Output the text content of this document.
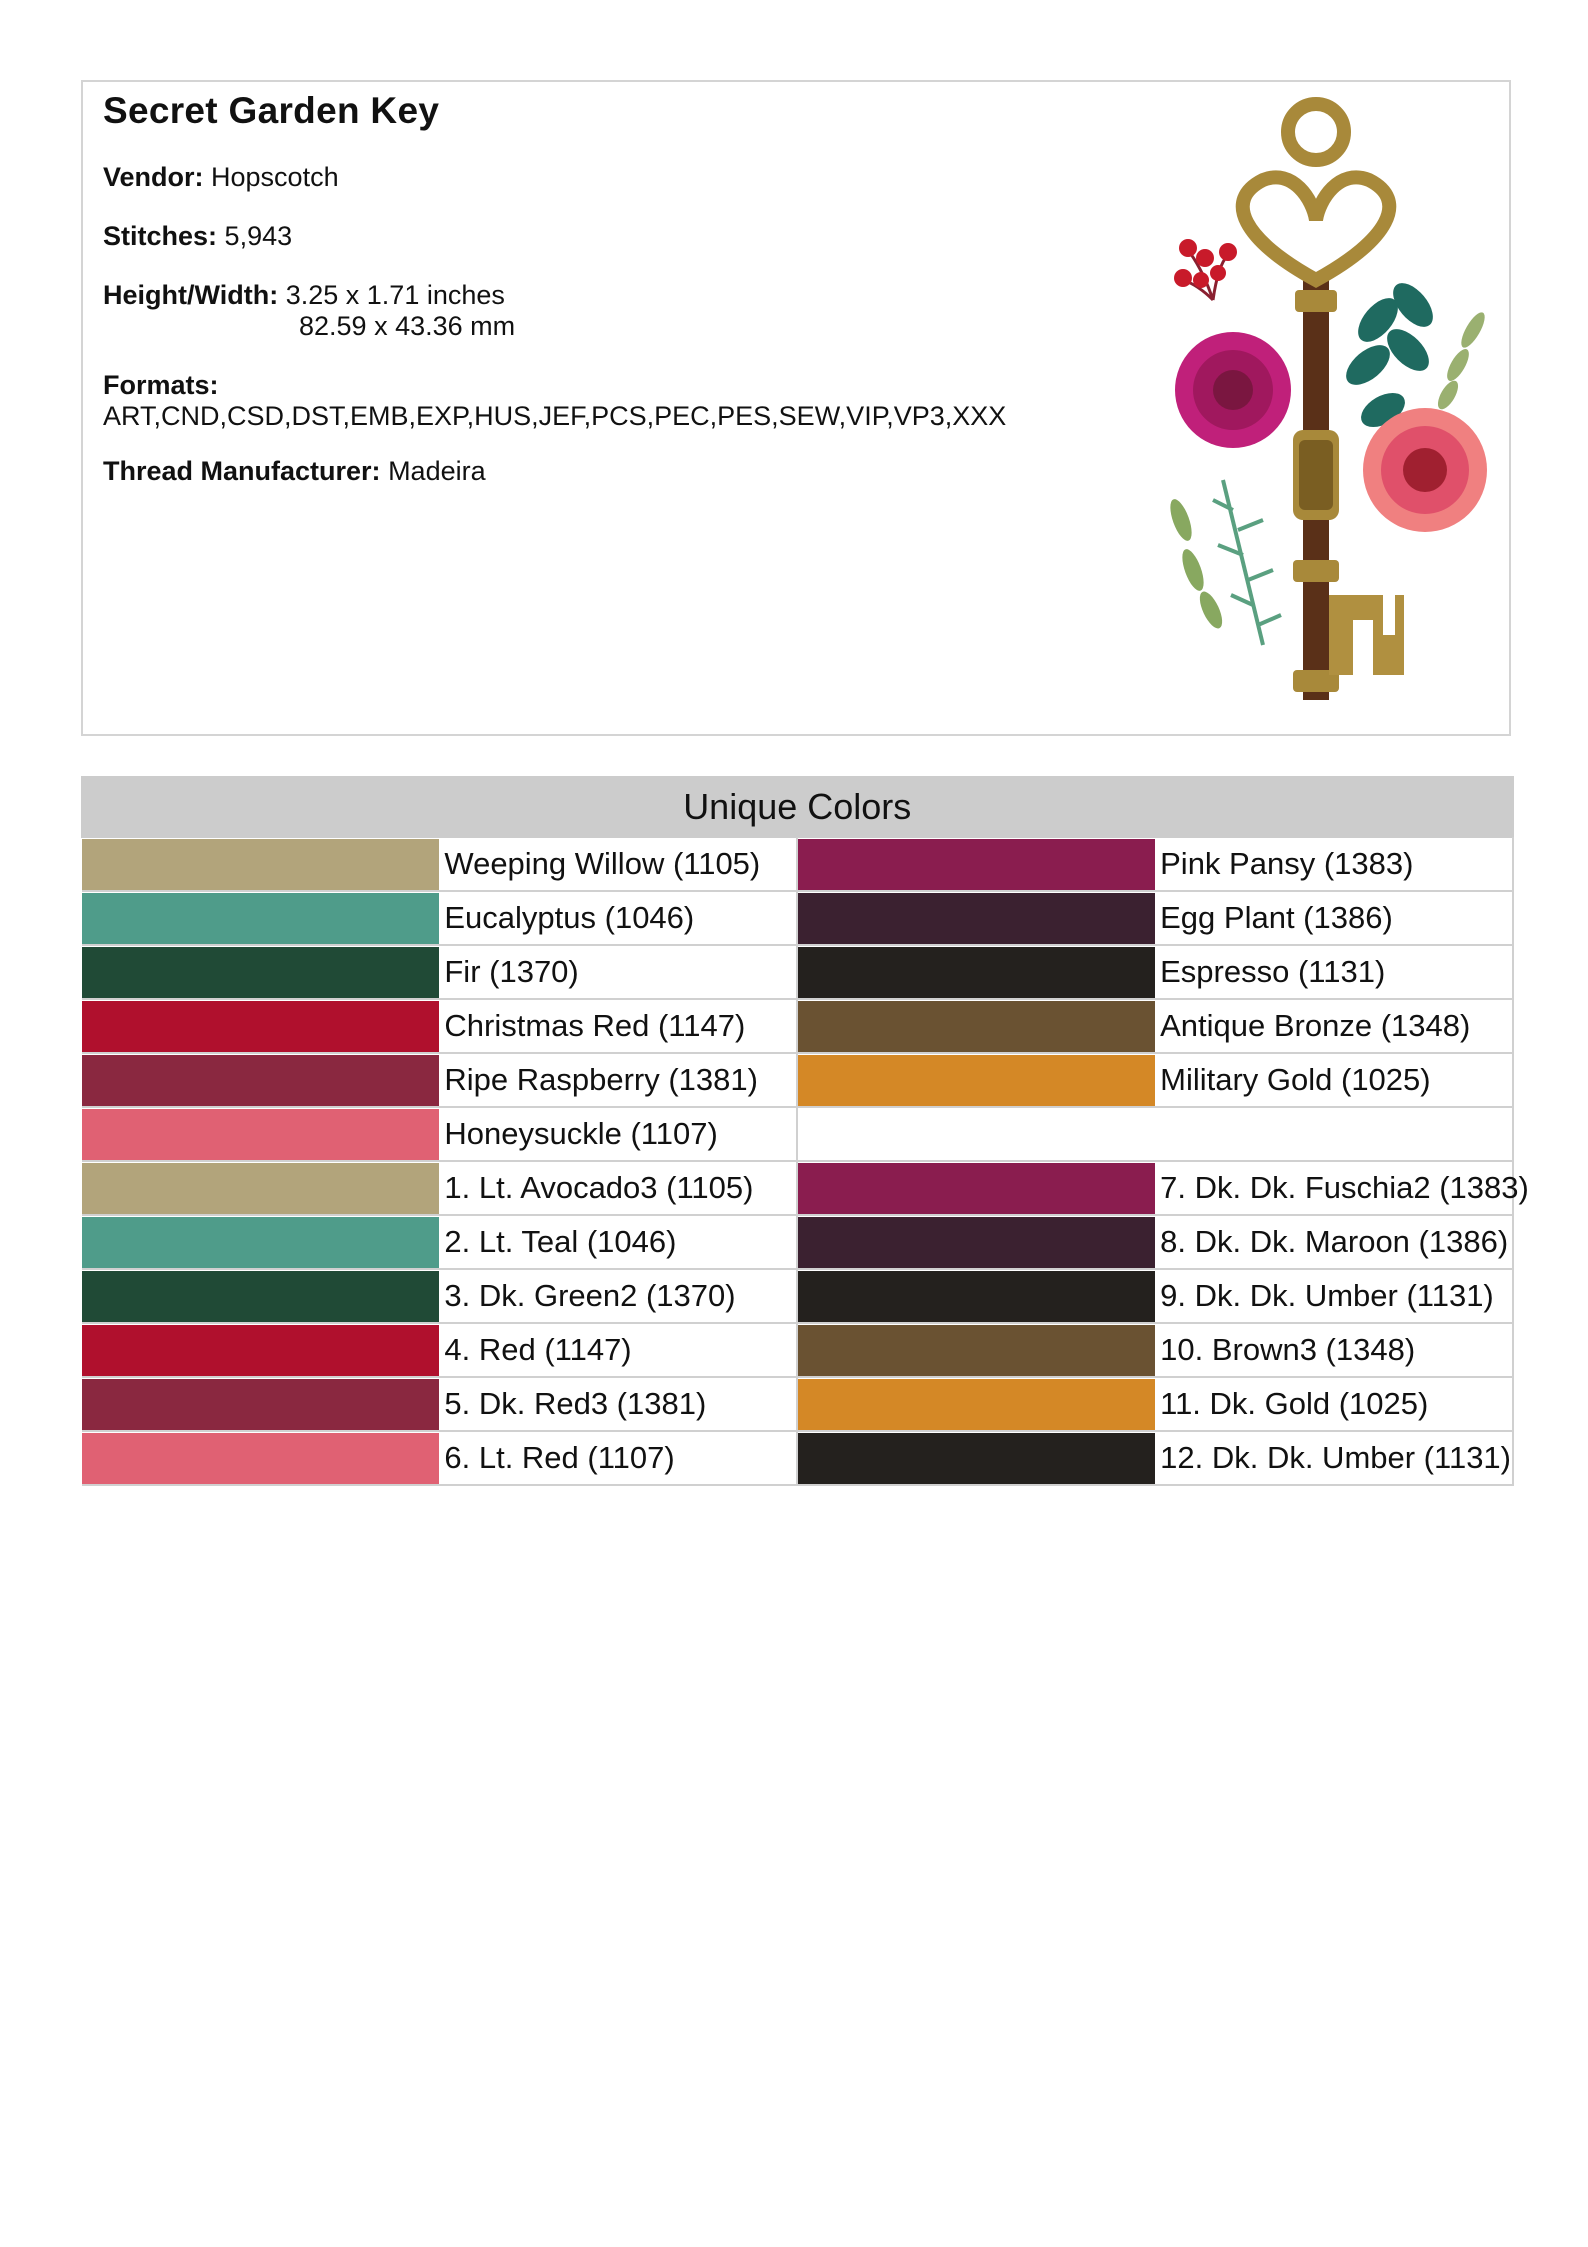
Secret Garden Key
Vendor: Hopscotch
Stitches: 5,943
Height/Width: 3.25 x 1.71 inches
82.59 x 43.36 mm
Formats:
ART,CND,CSD,DST,EMB,EXP,HUS,JEF,PCS,PEC,PES,SEW,VIP,VP3,XXX
Thread Manufacturer: Madeira
Unique Colors			

	Weeping Willow (1105)		Pink Pansy (1383)

	Eucalyptus (1046)		Egg Plant (1386)

	Fir (1370)		Espresso (1131)

	Christmas Red (1147)		Antique Bronze (1348)

	Ripe Raspberry (1381)		Military Gold (1025)

	Honeysuckle (1107)		

	1. Lt. Avocado3 (1105)		7. Dk. Dk. Fuschia2 (1383)

	2. Lt. Teal (1046)		8. Dk. Dk. Maroon (1386)

	3. Dk. Green2 (1370)		9. Dk. Dk. Umber (1131)

	4. Red (1147)		10. Brown3 (1348)

	5. Dk. Red3 (1381)		11. Dk. Gold (1025)

	6. Lt. Red (1107)		12. Dk. Dk. Umber (1131)
